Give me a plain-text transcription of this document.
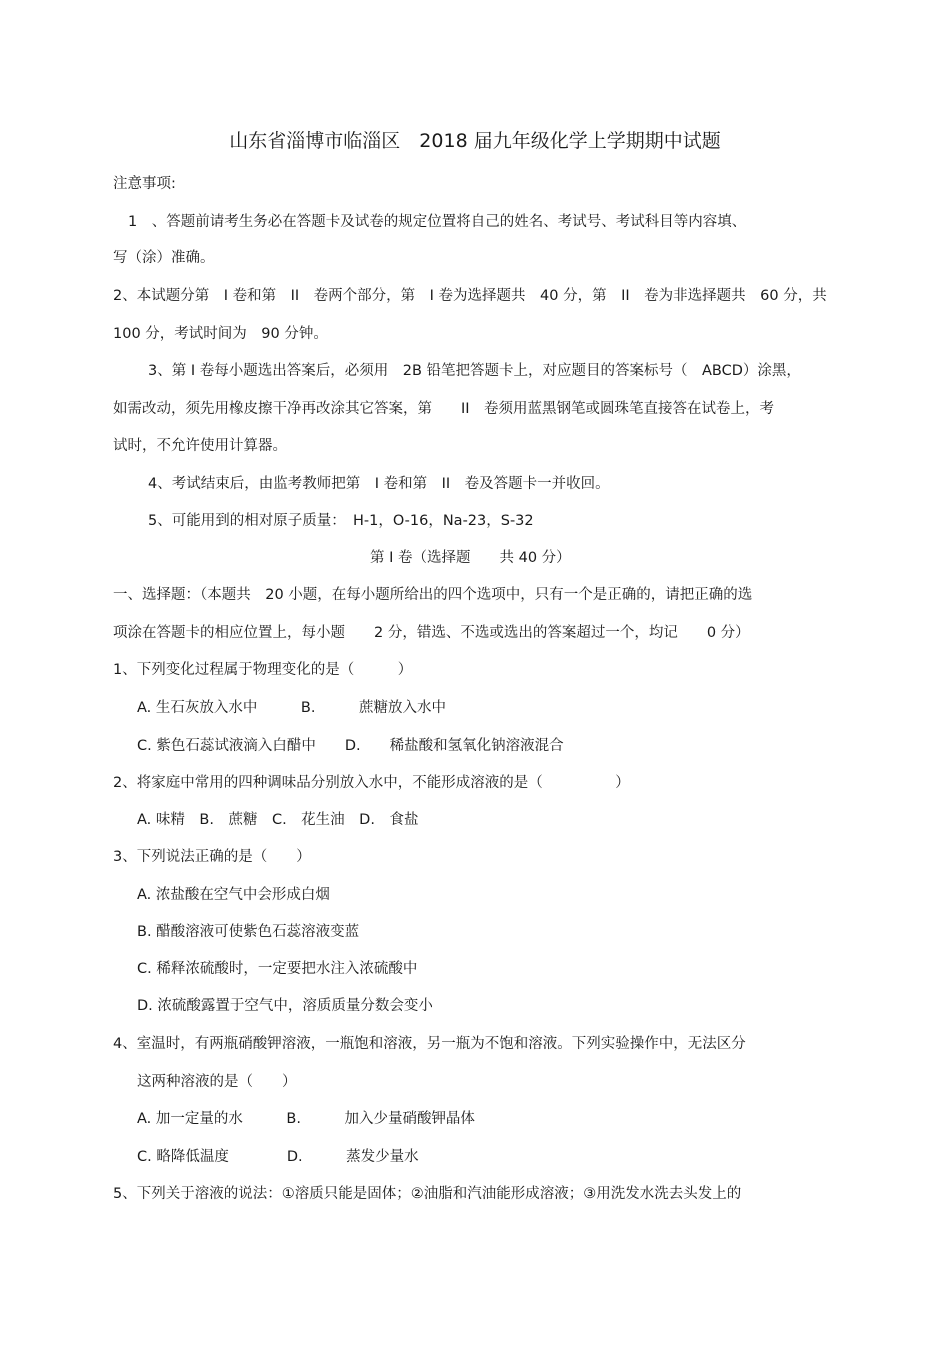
山东省淄博市临淄区　2018 届九年级化学上学期期中试题
注意事项:
1　、答题前请考生务必在答题卡及试卷的规定位置将自己的姓名、考试号、考试科目等内容填、
写（涂）准确。
2、本试题分第　I 卷和第　II　卷两个部分，第　I 卷为选择题共　40 分，第　II　卷为非选择题共　60 分，共
100 分，考试时间为　90 分钟。
3、第 I 卷每小题选出答案后，必须用　2B 铅笔把答题卡上，对应题目的答案标号（　ABCD）涂黑，
如需改动，须先用橡皮擦干净再改涂其它答案，第　　II　卷须用蓝黑钢笔或圆珠笔直接答在试卷上，考
试时，不允许使用计算器。
4、考试结束后，由监考教师把第　I 卷和第　II　卷及答题卡一并收回。
5、可能用到的相对原子质量：　H-1，O-16，Na-23，S-32
第 I 卷（选择题　　共 40 分）
一、选择题：（本题共　20 小题，在每小题所给出的四个选项中，只有一个是正确的，请把正确的选
项涂在答题卡的相应位置上，每小题　　2 分，错选、不选或选出的答案超过一个，均记　　0 分）
1、下列变化过程属于物理变化的是（　　　）
A. 生石灰放入水中　　　B.　　　蔗糖放入水中
C. 紫色石蕊试液滴入白醋中　　D.　　稀盐酸和氢氧化钠溶液混合
2、将家庭中常用的四种调味品分别放入水中，不能形成溶液的是（　　　　　）
A. 味精　B.　蔗糖　C.　花生油　D.　食盐
3、下列说法正确的是（　　）
A. 浓盐酸在空气中会形成白烟
B. 醋酸溶液可使紫色石蕊溶液变蓝
C. 稀释浓硫酸时，一定要把水注入浓硫酸中
D. 浓硫酸露置于空气中，溶质质量分数会变小
4、室温时，有两瓶硝酸钾溶液，一瓶饱和溶液，另一瓶为不饱和溶液。下列实验操作中，无法区分
这两种溶液的是（　　）
A. 加一定量的水　　　B.　　　加入少量硝酸钾晶体
C. 略降低温度　　　　D.　　　蒸发少量水
5、下列关于溶液的说法：①溶质只能是固体；②油脂和汽油能形成溶液；③用洗发水洗去头发上的
